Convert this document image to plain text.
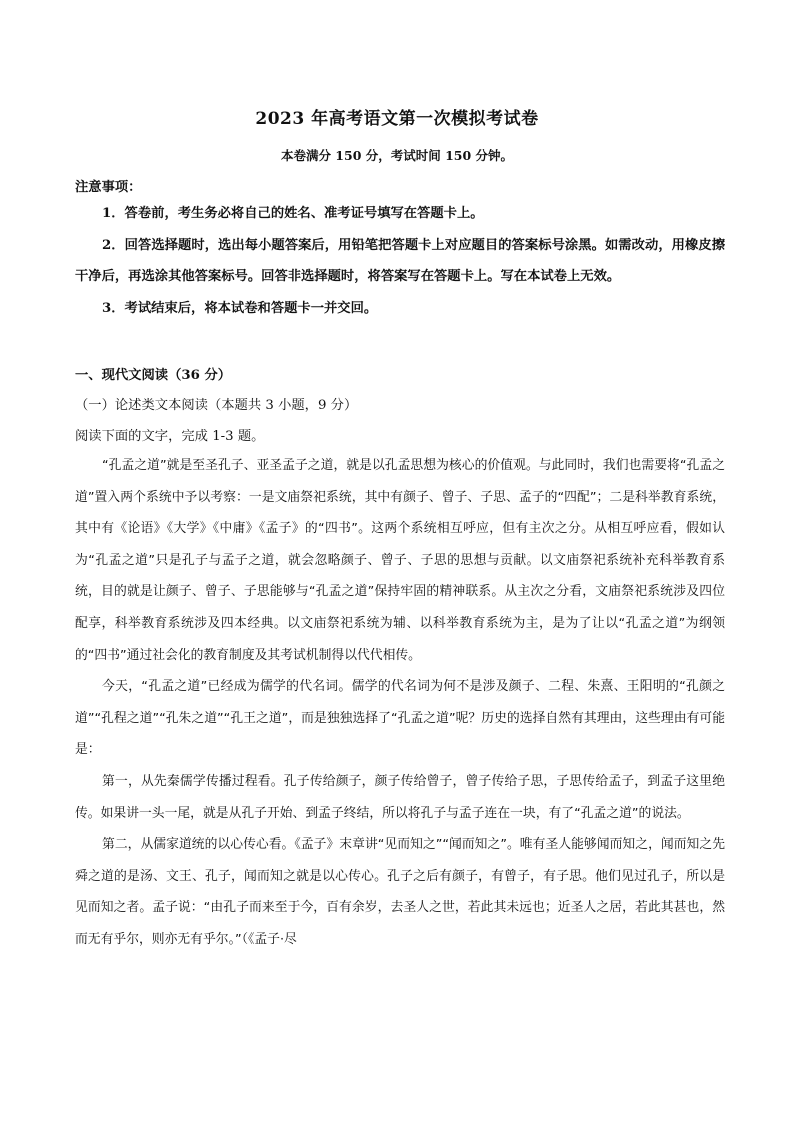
2023 年高考语文第一次模拟考试卷
本卷满分 150 分，考试时间 150 分钟。
注意事项：

1．答卷前，考生务必将自己的姓名、准考证号填写在答题卡上。

2．回答选择题时，选出每小题答案后，用铅笔把答题卡上对应题目的答案标号涂黑。如需改动，用橡皮擦干净后，再选涂其他答案标号。回答非选择题时，将答案写在答题卡上。写在本试卷上无效。

3．考试结束后，将本试卷和答题卡一并交回。

一、现代文阅读（36 分）
（一）论述类文本阅读（本题共 3 小题，9 分）
阅读下面的文字，完成 1-3 题。

“孔孟之道”就是至圣孔子、亚圣孟子之道，就是以孔孟思想为核心的价值观。与此同时，我们也需要将“孔孟之道”置入两个系统中予以考察：一是文庙祭祀系统，其中有颜子、曾子、子思、孟子的“四配”；二是科举教育系统，其中有《论语》《大学》《中庸》《孟子》的“四书”。这两个系统相互呼应，但有主次之分。从相互呼应看，假如认为“孔孟之道”只是孔子与孟子之道，就会忽略颜子、曾子、子思的思想与贡献。以文庙祭祀系统补充科举教育系统，目的就是让颜子、曾子、子思能够与“孔孟之道”保持牢固的精神联系。从主次之分看，文庙祭祀系统涉及四位配享，科举教育系统涉及四本经典。以文庙祭祀系统为辅、以科举教育系统为主，是为了让以“孔孟之道”为纲领的“四书”通过社会化的教育制度及其考试机制得以代代相传。

今天，“孔孟之道”已经成为儒学的代名词。儒学的代名词为何不是涉及颜子、二程、朱熹、王阳明的“孔颜之道”“孔程之道”“孔朱之道”“孔王之道”，而是独独选择了“孔孟之道”呢？历史的选择自然有其理由，这些理由有可能是：

第一，从先秦儒学传播过程看。孔子传给颜子，颜子传给曾子，曾子传给子思，子思传给孟子，到孟子这里绝传。如果讲一头一尾，就是从孔子开始、到孟子终结，所以将孔子与孟子连在一块，有了“孔孟之道”的说法。

第二，从儒家道统的以心传心看。《孟子》末章讲“见而知之”“闻而知之”。唯有圣人能够闻而知之，闻而知之先舜之道的是汤、文王、孔子，闻而知之就是以心传心。孔子之后有颜子，有曾子，有子思。他们见过孔子，所以是见而知之者。孟子说：“由孔子而来至于今，百有余岁，去圣人之世，若此其未远也；近圣人之居，若此其甚也，然而无有乎尔，则亦无有乎尔。”（《孟子·尽
